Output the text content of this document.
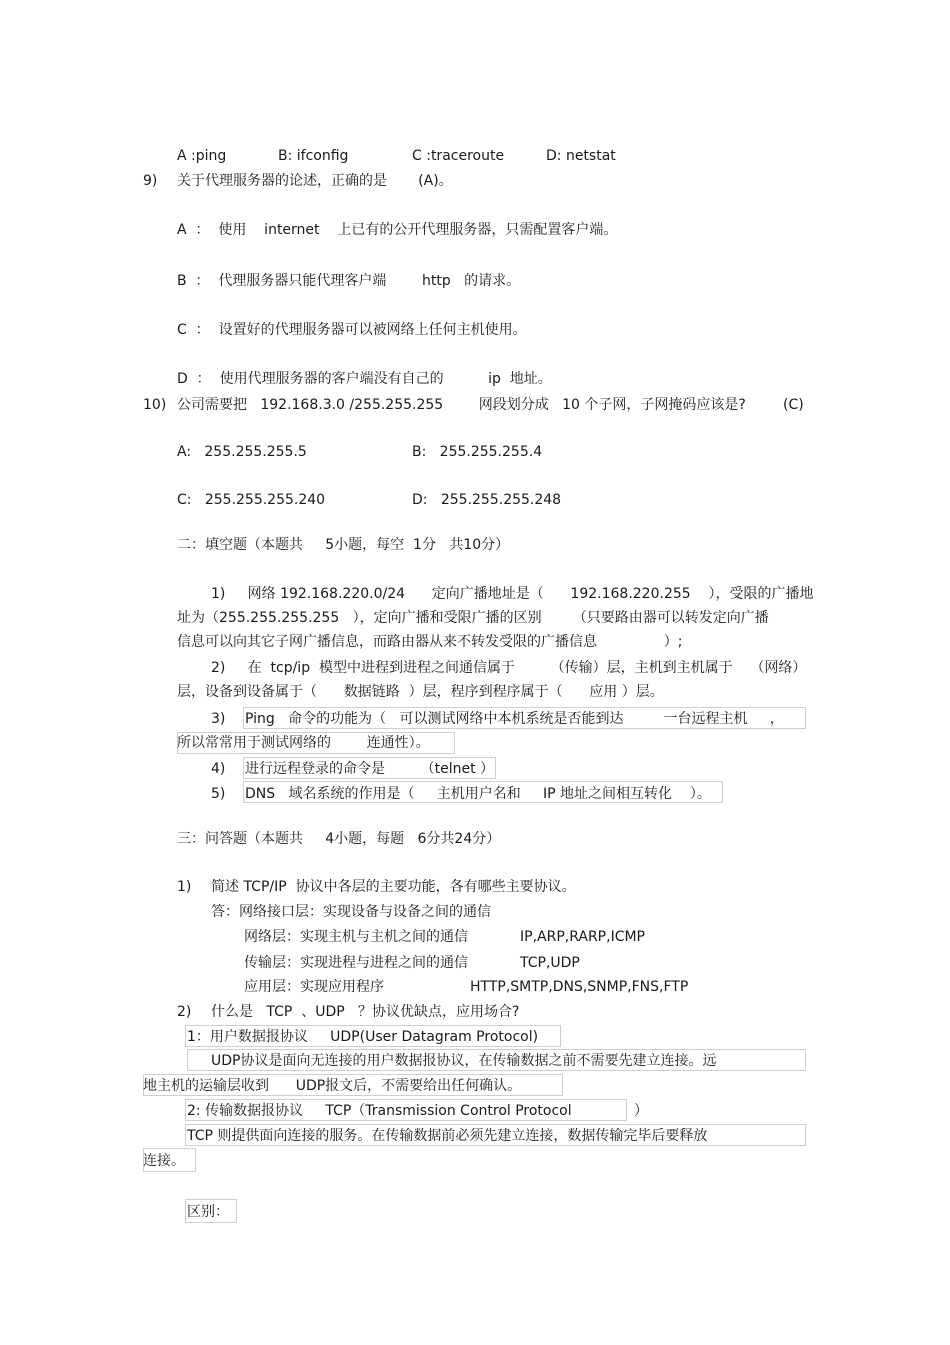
A :ping	B: ifconfig	C :traceroute	D: netstat
9) 关于代理服务器的论述，正确的是       (A)。
A  ：  使用    internet    上已有的公开代理服务器，只需配置客户端。
B  ：  代理服务器只能代理客户端        http   的请求。
C  ：  设置好的代理服务器可以被网络上任何主机使用。
D  ：  使用代理服务器的客户端没有自己的          ip  地址。
10) 公司需要把   192.168.3.0 /255.255.255        网段划分成   10 个子网，子网掩码应该是?	(C)
A:   255.255.255.5	B:   255.255.255.4
C:   255.255.255.240	D:   255.255.255.248
二：填空题（本题共     5小题，每空  1分   共10分）
1)     网络 192.168.220.0/24      定向广播地址是（      192.168.220.255    ），受限的广播地
址为（255.255.255.255   ），定向广播和受限广播的区别       （只要路由器可以转发定向广播
信息可以向其它子网广播信息，而路由器从来不转发受限的广播信息               ）;
2)     在  tcp/ip  模型中进程到进程之间通信属于        （传输）层，主机到主机属于    （网络）
层，设备到设备属于（      数据链路  ）层，程序到程序属于（      应用 ）层。
3) Ping   命令的功能为（   可以测试网络中本机系统是否能到达         一台远程主机     ，
所以常常用于测试网络的        连通性）。
4) 进行远程登录的命令是        （telnet ）
5) DNS   域名系统的作用是（     主机用户名和     IP 地址之间相互转化    ）。
三：问答题（本题共     4小题，每题   6分共24分）
1) 简述 TCP/IP  协议中各层的主要功能，各有哪些主要协议。
答：网络接口层：实现设备与设备之间的通信
网络层：实现主机与主机之间的通信	IP,ARP,RARP,ICMP
传输层：实现进程与进程之间的通信	TCP,UDP
应用层：实现应用程序	HTTP,SMTP,DNS,SNMP,FNS,FTP
2) 什么是   TCP  、UDP   ？协议优缺点，应用场合?
1：用户数据报协议     UDP(User Datagram Protocol)
UDP协议是面向无连接的用户数据报协议，在传输数据之前不需要先建立连接。远
地主机的运输层收到      UDP报文后，不需要给出任何确认。
2: 传输数据报协议     TCP（Transmission Control Protocol              ）
TCP 则提供面向连接的服务。在传输数据前必须先建立连接，数据传输完毕后要释放
连接。
区别：
